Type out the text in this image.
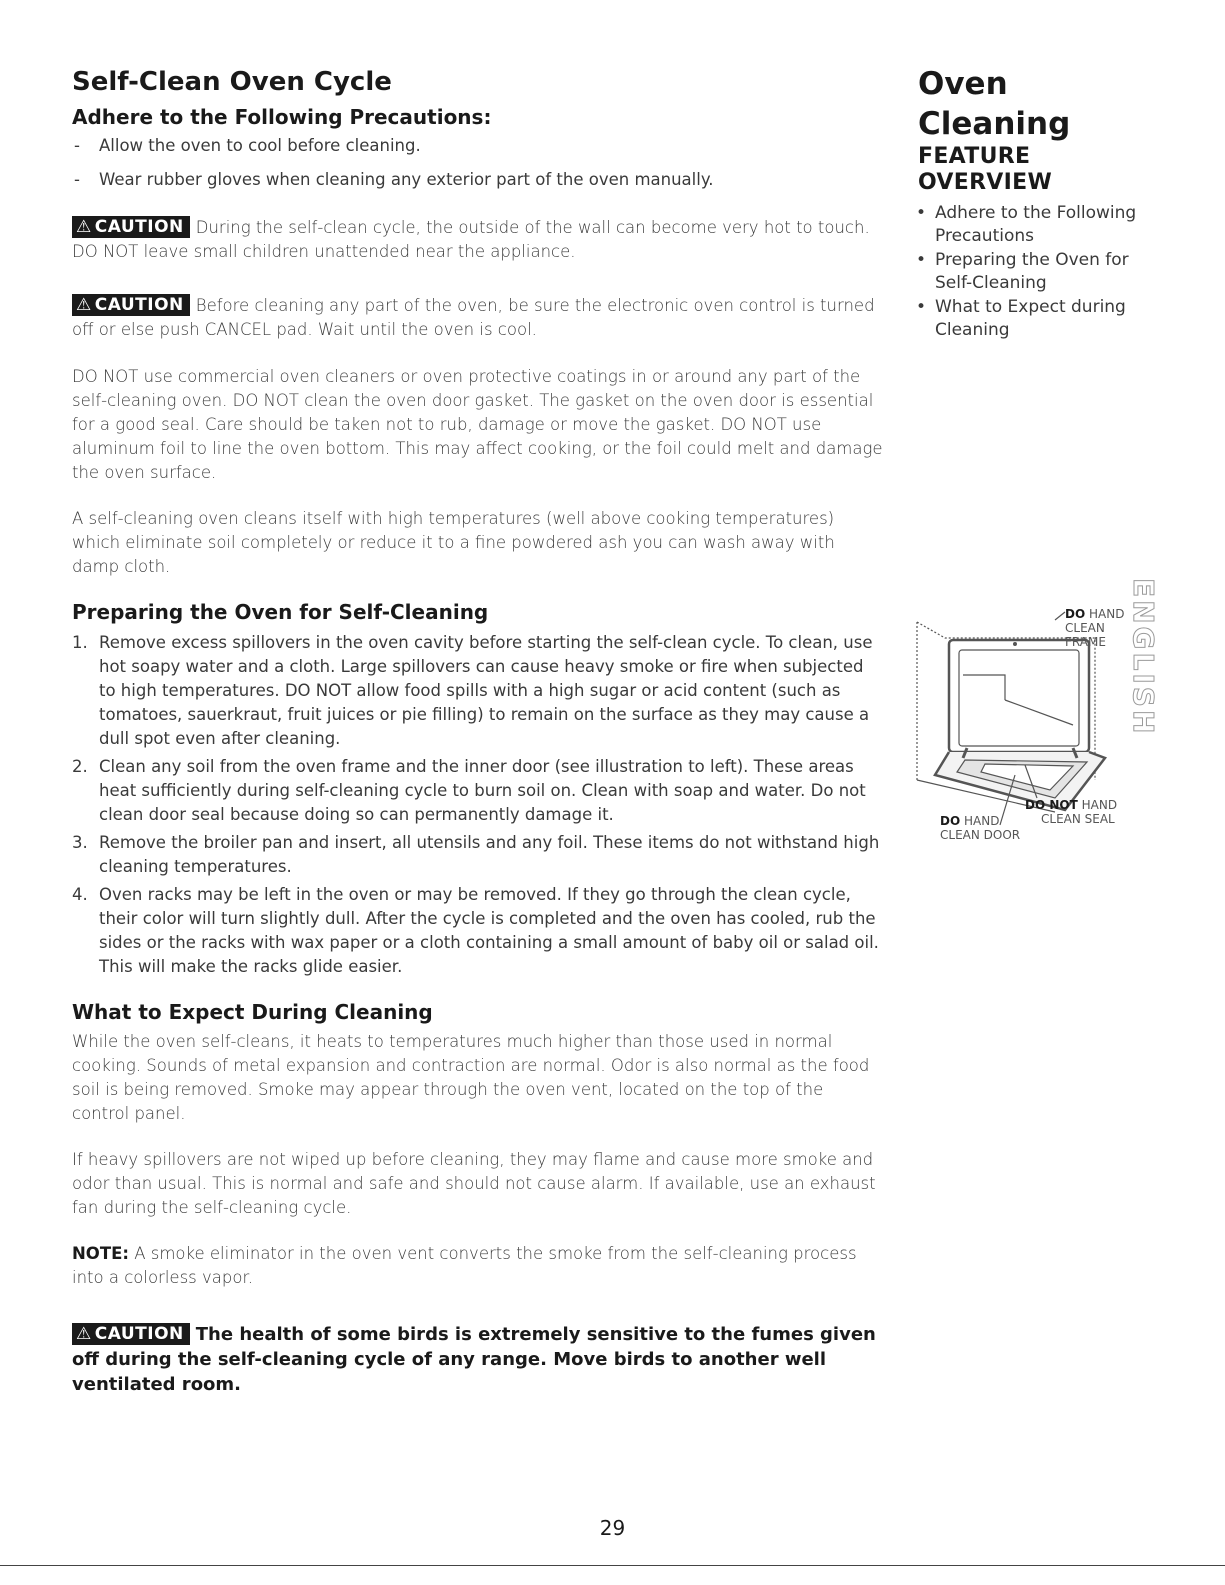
Self-Clean Oven Cycle
Adhere to the Following Precautions:
- Allow the oven to cool before cleaning.
- Wear rubber gloves when cleaning any exterior part of the oven manually.

⚠ CAUTION During the self-clean cycle, the outside of the wall can become very hot to touch. DO NOT leave small children unattended near the appliance.

⚠ CAUTION Before cleaning any part of the oven, be sure the electronic oven control is turned off or else push CANCEL pad. Wait until the oven is cool.

DO NOT use commercial oven cleaners or oven protective coatings in or around any part of the self-cleaning oven. DO NOT clean the oven door gasket. The gasket on the oven door is essential for a good seal. Care should be taken not to rub, damage or move the gasket. DO NOT use aluminum foil to line the oven bottom. This may affect cooking, or the foil could melt and damage the oven surface.

A self-cleaning oven cleans itself with high temperatures (well above cooking temperatures) which eliminate soil completely or reduce it to a fine powdered ash you can wash away with damp cloth.

Preparing the Oven for Self-Cleaning
1. Remove excess spillovers in the oven cavity before starting the self-clean cycle. To clean, use hot soapy water and a cloth. Large spillovers can cause heavy smoke or fire when subjected to high temperatures. DO NOT allow food spills with a high sugar or acid content (such as tomatoes, sauerkraut, fruit juices or pie filling) to remain on the surface as they may cause a dull spot even after cleaning.
2. Clean any soil from the oven frame and the inner door (see illustration to left). These areas heat sufficiently during self-cleaning cycle to burn soil on. Clean with soap and water. Do not clean door seal because doing so can permanently damage it.
3. Remove the broiler pan and insert, all utensils and any foil. These items do not withstand high cleaning temperatures.
4. Oven racks may be left in the oven or may be removed. If they go through the clean cycle, their color will turn slightly dull. After the cycle is completed and the oven has cooled, rub the sides or the racks with wax paper or a cloth containing a small amount of baby oil or salad oil. This will make the racks glide easier.
What to Expect During Cleaning

While the oven self-cleans, it heats to temperatures much higher than those used in normal cooking. Sounds of metal expansion and contraction are normal. Odor is also normal as the food soil is being removed. Smoke may appear through the oven vent, located on the top of the control panel.

If heavy spillovers are not wiped up before cleaning, they may flame and cause more smoke and odor than usual. This is normal and safe and should not cause alarm. If available, use an exhaust fan during the self-cleaning cycle.

NOTE: A smoke eliminator in the oven vent converts the smoke from the self-cleaning process into a colorless vapor.

⚠ CAUTION The health of some birds is extremely sensitive to the fumes given off during the self-cleaning cycle of any range. Move birds to another well ventilated room.

Oven Cleaning
FEATURE OVERVIEW
• Adhere to the Following Precautions
• Preparing the Oven for Self-Cleaning
• What to Expect during Cleaning
ENGLISH
DO HAND
CLEAN
FRAME
DO NOT HAND
CLEAN SEAL
DO HAND
CLEAN DOOR
29
